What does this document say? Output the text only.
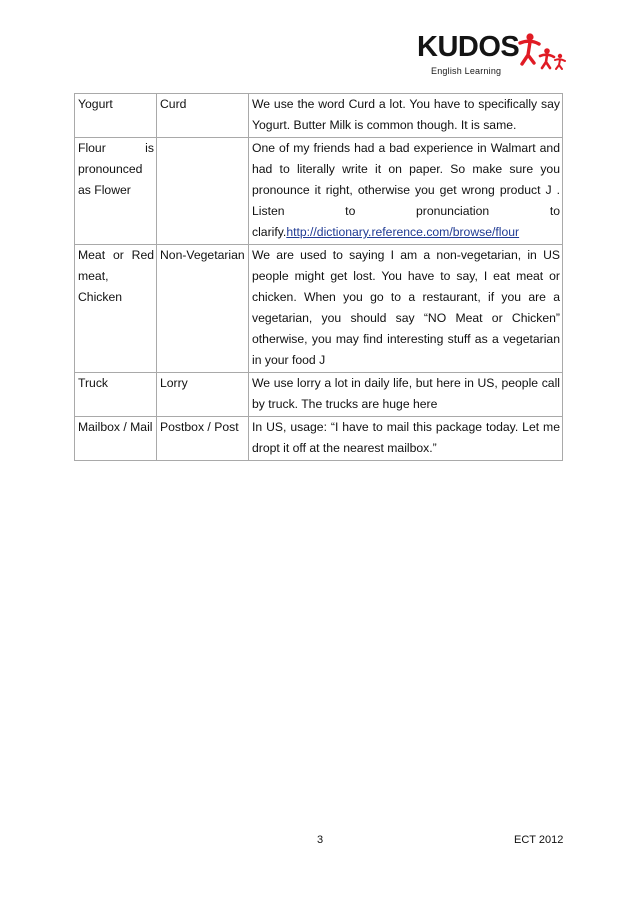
KUDOS
English Learning
Yogurt	Curd	We use the word Curd a lot. You have to specifically say Yogurt. Butter Milk is common though. It is same.
Flour is pronounced as Flower		One of my friends had a bad experience in Walmart and had to literally write it on paper. So make sure you pronounce it right, otherwise you get wrong product J . Listen to pronunciation to clarify.http://dictionary.reference.com/browse/flour
Meat or Red meat, Chicken	Non-Vegetarian	We are used to saying I am a non-vegetarian, in US people might get lost. You have to say, I eat meat or chicken. When you go to a restaurant, if you are a vegetarian, you should say “NO Meat or Chicken” otherwise, you may find interesting stuff as a vegetarian in your food J
Truck	Lorry	We use lorry a lot in daily life, but here in US, people call by truck. The trucks are huge here
Mailbox / Mail	Postbox / Post	In US, usage: “I have to mail this package today. Let me dropt it off at the nearest mailbox.”
3	ECT 2012
